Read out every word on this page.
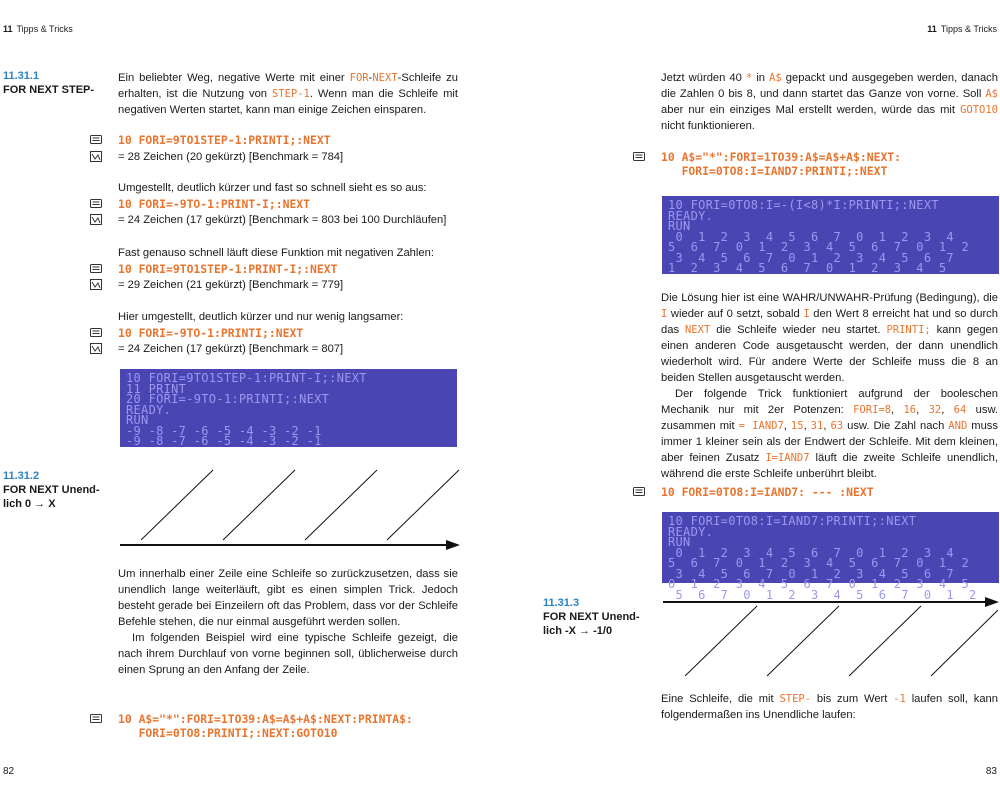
11 Tipps & Tricks	11 Tipps & Tricks
11.31.1
FOR NEXT STEP-
Ein beliebter Weg, negative Werte mit einer FOR-NEXT-Schleife zu erhalten, ist die Nutzung von STEP-1. Wenn man die Schleife mit negativen Werten startet, kann man einige Zeichen einsparen.
10 FORI=9TO1STEP-1:PRINTI;:NEXT
= 28 Zeichen (20 gekürzt) [Benchmark = 784]
Umgestellt, deutlich kürzer und fast so schnell sieht es so aus:
10 FORI=-9TO-1:PRINT-I;:NEXT
= 24 Zeichen (17 gekürzt) [Benchmark = 803 bei 100 Durchläufen]
Fast genauso schnell läuft diese Funktion mit negativen Zahlen:
10 FORI=9TO1STEP-1:PRINT-I;:NEXT
= 29 Zeichen (21 gekürzt) [Benchmark = 779]
Hier umgestellt, deutlich kürzer und nur wenig langsamer:
10 FORI=-9TO-1:PRINTI;:NEXT
= 24 Zeichen (17 gekürzt) [Benchmark = 807]
10 FORI=9TO1STEP-1:PRINT-I;:NEXT
11 PRINT
20 FORI=-9TO-1:PRINTI;:NEXT
READY.
RUN
-9 -8 -7 -6 -5 -4 -3 -2 -1
-9 -8 -7 -6 -5 -4 -3 -2 -1
11.31.2
FOR NEXT Unend-
lich 0 → X

Um innerhalb einer Zeile eine Schleife so zurückzusetzen, dass sie unendlich lange weiterläuft, gibt es einen simplen Trick. Jedoch besteht gerade bei Einzeilern oft das Problem, dass vor der Schleife Befehle stehen, die nur einmal ausgeführt werden sollen.

Im folgenden Beispiel wird eine typische Schleife gezeigt, die nach ihrem Durchlauf von vorne beginnen soll, üblicherweise durch einen Sprung an den Anfang der Zeile.

10 A$="*":FORI=1TO39:A$=A$+A$:NEXT:PRINTA$:
FORI=0TO8:PRINTI;:NEXT:GOTO10
82
Jetzt würden 40 * in A$ gepackt und ausgegeben werden, danach die Zahlen 0 bis 8, und dann startet das Ganze von vorne. Soll A$ aber nur ein einziges Mal erstellt werden, würde das mit GOTO10 nicht funktionieren.
10 A$="*":FORI=1TO39:A$=A$+A$:NEXT:
FORI=0TO8:I=IAND7:PRINTI;:NEXT
10 FORI=0TO8:I=-(I<8)*I:PRINTI;:NEXT
READY.
RUN
0  1  2  3  4  5  6  7  0  1  2  3  4
5  6  7  0  1  2  3  4  5  6  7  0  1  2
3  4  5  6  7  0  1  2  3  4  5  6  7
1  2  3  4  5  6  7  0  1  2  3  4  5

Die Lösung hier ist eine WAHR/UNWAHR-Prüfung (Bedingung), die I wieder auf 0 setzt, sobald I den Wert 8 erreicht hat und so durch das NEXT die Schleife wieder neu startet. PRINTI; kann gegen einen anderen Code ausgetauscht werden, der dann unendlich wiederholt wird. Für andere Werte der Schleife muss die 8 an beiden Stellen ausgetauscht werden.

Der folgende Trick funktioniert aufgrund der booleschen Mechanik nur mit 2er Potenzen: FORI=8, 16, 32, 64 usw. zusammen mit = IAND7, 15, 31, 63 usw. Die Zahl nach AND muss immer 1 kleiner sein als der Endwert der Schleife. Mit dem kleinen, aber feinen Zusatz I=IAND7 läuft die zweite Schleife unendlich, während die erste Schleife unberührt bleibt.

10 FORI=0TO8:I=IAND7: --- :NEXT
10 FORI=0TO8:I=IAND7:PRINTI;:NEXT
READY.
RUN
0  1  2  3  4  5  6  7  0  1  2  3  4
5  6  7  0  1  2  3  4  5  6  7  0  1  2
3  4  5  6  7  0  1  2  3  4  5  6  7
0  1  2  3  4  5  6  7  0  1  2  3  4  5
5  6  7  0  1  2  3  4  5  6  7  0  1  2
11.31.3
FOR NEXT Unend-
lich -X → -1/0
Eine Schleife, die mit STEP- bis zum Wert -1 laufen soll, kann folgendermaßen ins Unendliche laufen:
83
